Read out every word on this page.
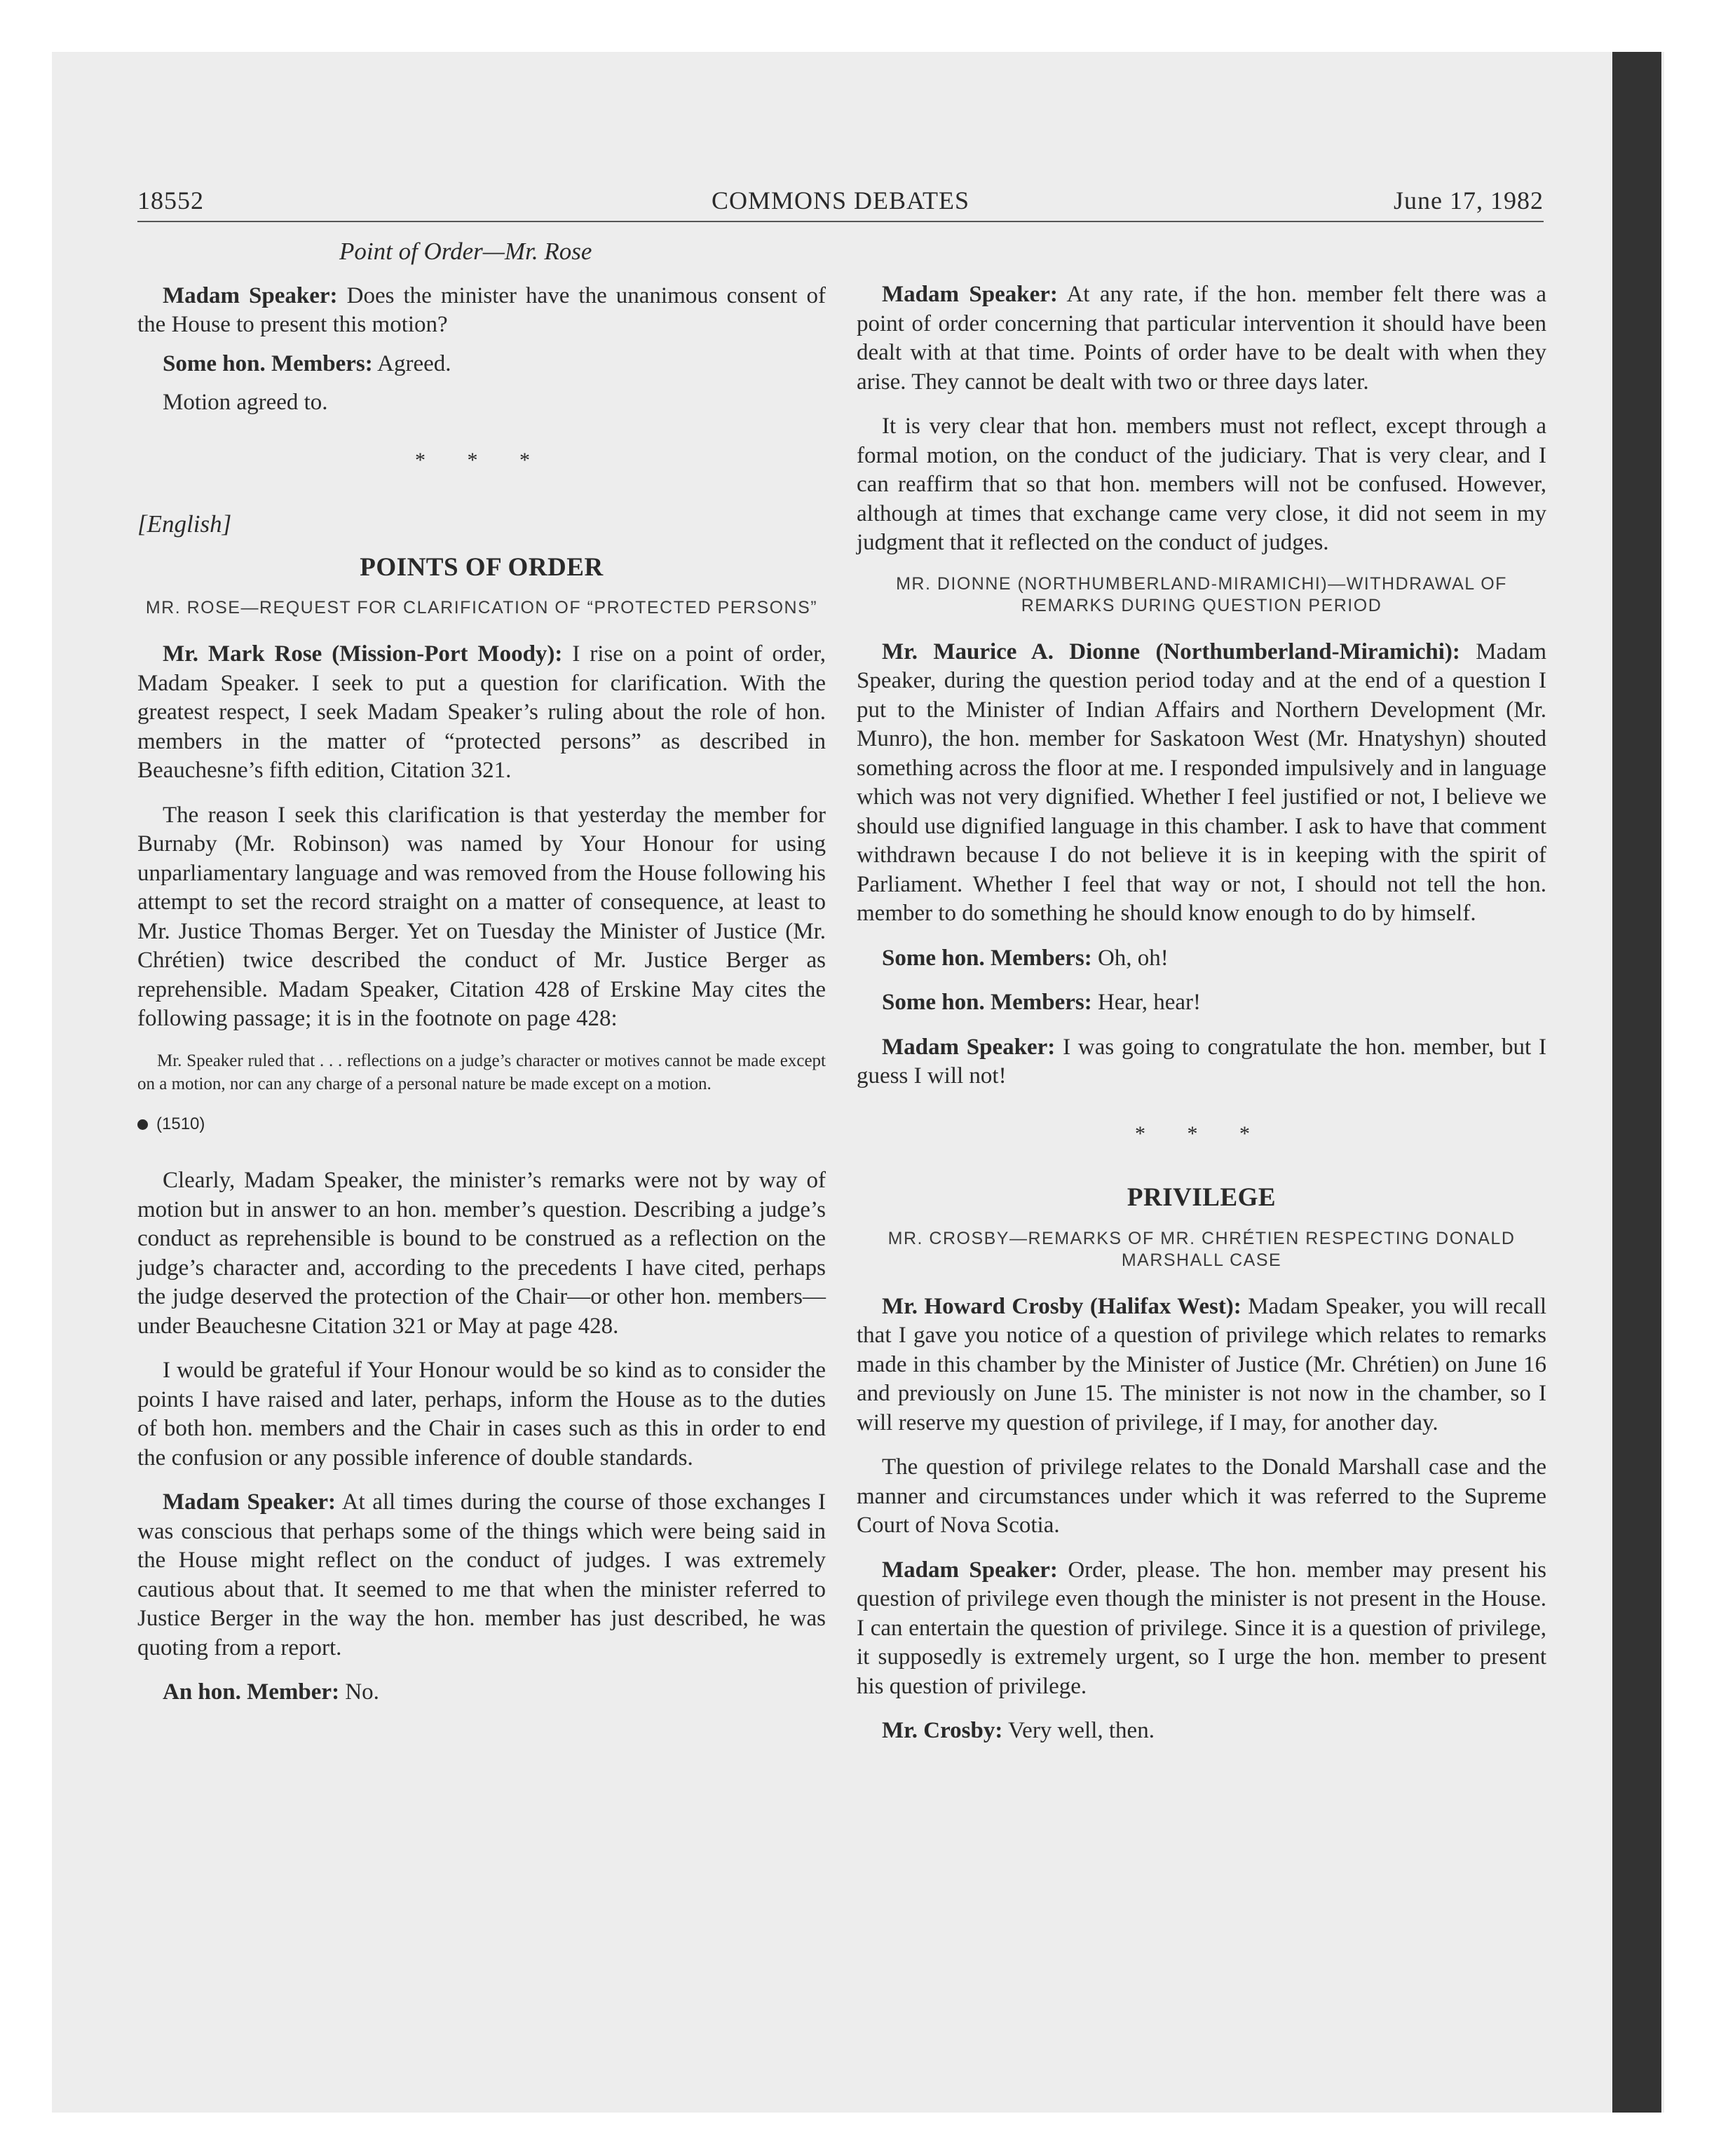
18552	COMMONS DEBATES	June 17, 1982
Point of Order—Mr. Rose

Madam Speaker: Does the minister have the unanimous consent of the House to present this motion?

Some hon. Members: Agreed.

Motion agreed to.

* * *
[English]
POINTS OF ORDER
MR. ROSE—REQUEST FOR CLARIFICATION OF “PROTECTED PERSONS”

Mr. Mark Rose (Mission-Port Moody): I rise on a point of order, Madam Speaker. I seek to put a question for clarification. With the greatest respect, I seek Madam Speaker’s ruling about the role of hon. members in the matter of “protected persons” as described in Beauchesne’s fifth edition, Citation 321.

The reason I seek this clarification is that yesterday the member for Burnaby (Mr. Robinson) was named by Your Honour for using unparliamentary language and was removed from the House following his attempt to set the record straight on a matter of consequence, at least to Mr. Justice Thomas Berger. Yet on Tuesday the Minister of Justice (Mr. Chrétien) twice described the conduct of Mr. Justice Berger as reprehensible. Madam Speaker, Citation 428 of Erskine May cites the following passage; it is in the footnote on page 428:

Mr. Speaker ruled that . . . reflections on a judge’s character or motives cannot be made except on a motion, nor can any charge of a personal nature be made except on a motion.
(1510)

Clearly, Madam Speaker, the minister’s remarks were not by way of motion but in answer to an hon. member’s question. Describing a judge’s conduct as reprehensible is bound to be construed as a reflection on the judge’s character and, according to the precedents I have cited, perhaps the judge deserved the protection of the Chair—or other hon. members—under Beauchesne Citation 321 or May at page 428.

I would be grateful if Your Honour would be so kind as to consider the points I have raised and later, perhaps, inform the House as to the duties of both hon. members and the Chair in cases such as this in order to end the confusion or any possible inference of double standards.

Madam Speaker: At all times during the course of those exchanges I was conscious that perhaps some of the things which were being said in the House might reflect on the conduct of judges. I was extremely cautious about that. It seemed to me that when the minister referred to Justice Berger in the way the hon. member has just described, he was quoting from a report.

An hon. Member: No.

Madam Speaker: At any rate, if the hon. member felt there was a point of order concerning that particular intervention it should have been dealt with at that time. Points of order have to be dealt with when they arise. They cannot be dealt with two or three days later.

It is very clear that hon. members must not reflect, except through a formal motion, on the conduct of the judiciary. That is very clear, and I can reaffirm that so that hon. members will not be confused. However, although at times that exchange came very close, it did not seem in my judgment that it reflected on the conduct of judges.

MR. DIONNE (NORTHUMBERLAND-MIRAMICHI)—WITHDRAWAL OF REMARKS DURING QUESTION PERIOD

Mr. Maurice A. Dionne (Northumberland-Miramichi): Madam Speaker, during the question period today and at the end of a question I put to the Minister of Indian Affairs and Northern Development (Mr. Munro), the hon. member for Saskatoon West (Mr. Hnatyshyn) shouted something across the floor at me. I responded impulsively and in language which was not very dignified. Whether I feel justified or not, I believe we should use dignified language in this chamber. I ask to have that comment withdrawn because I do not believe it is in keeping with the spirit of Parliament. Whether I feel that way or not, I should not tell the hon. member to do something he should know enough to do by himself.

Some hon. Members: Oh, oh!

Some hon. Members: Hear, hear!

Madam Speaker: I was going to congratulate the hon. member, but I guess I will not!

* * *
PRIVILEGE
MR. CROSBY—REMARKS OF MR. CHRÉTIEN RESPECTING DONALD MARSHALL CASE

Mr. Howard Crosby (Halifax West): Madam Speaker, you will recall that I gave you notice of a question of privilege which relates to remarks made in this chamber by the Minister of Justice (Mr. Chrétien) on June 16 and previously on June 15. The minister is not now in the chamber, so I will reserve my question of privilege, if I may, for another day.

The question of privilege relates to the Donald Marshall case and the manner and circumstances under which it was referred to the Supreme Court of Nova Scotia.

Madam Speaker: Order, please. The hon. member may present his question of privilege even though the minister is not present in the House. I can entertain the question of privilege. Since it is a question of privilege, it supposedly is extremely urgent, so I urge the hon. member to present his question of privilege.

Mr. Crosby: Very well, then.
